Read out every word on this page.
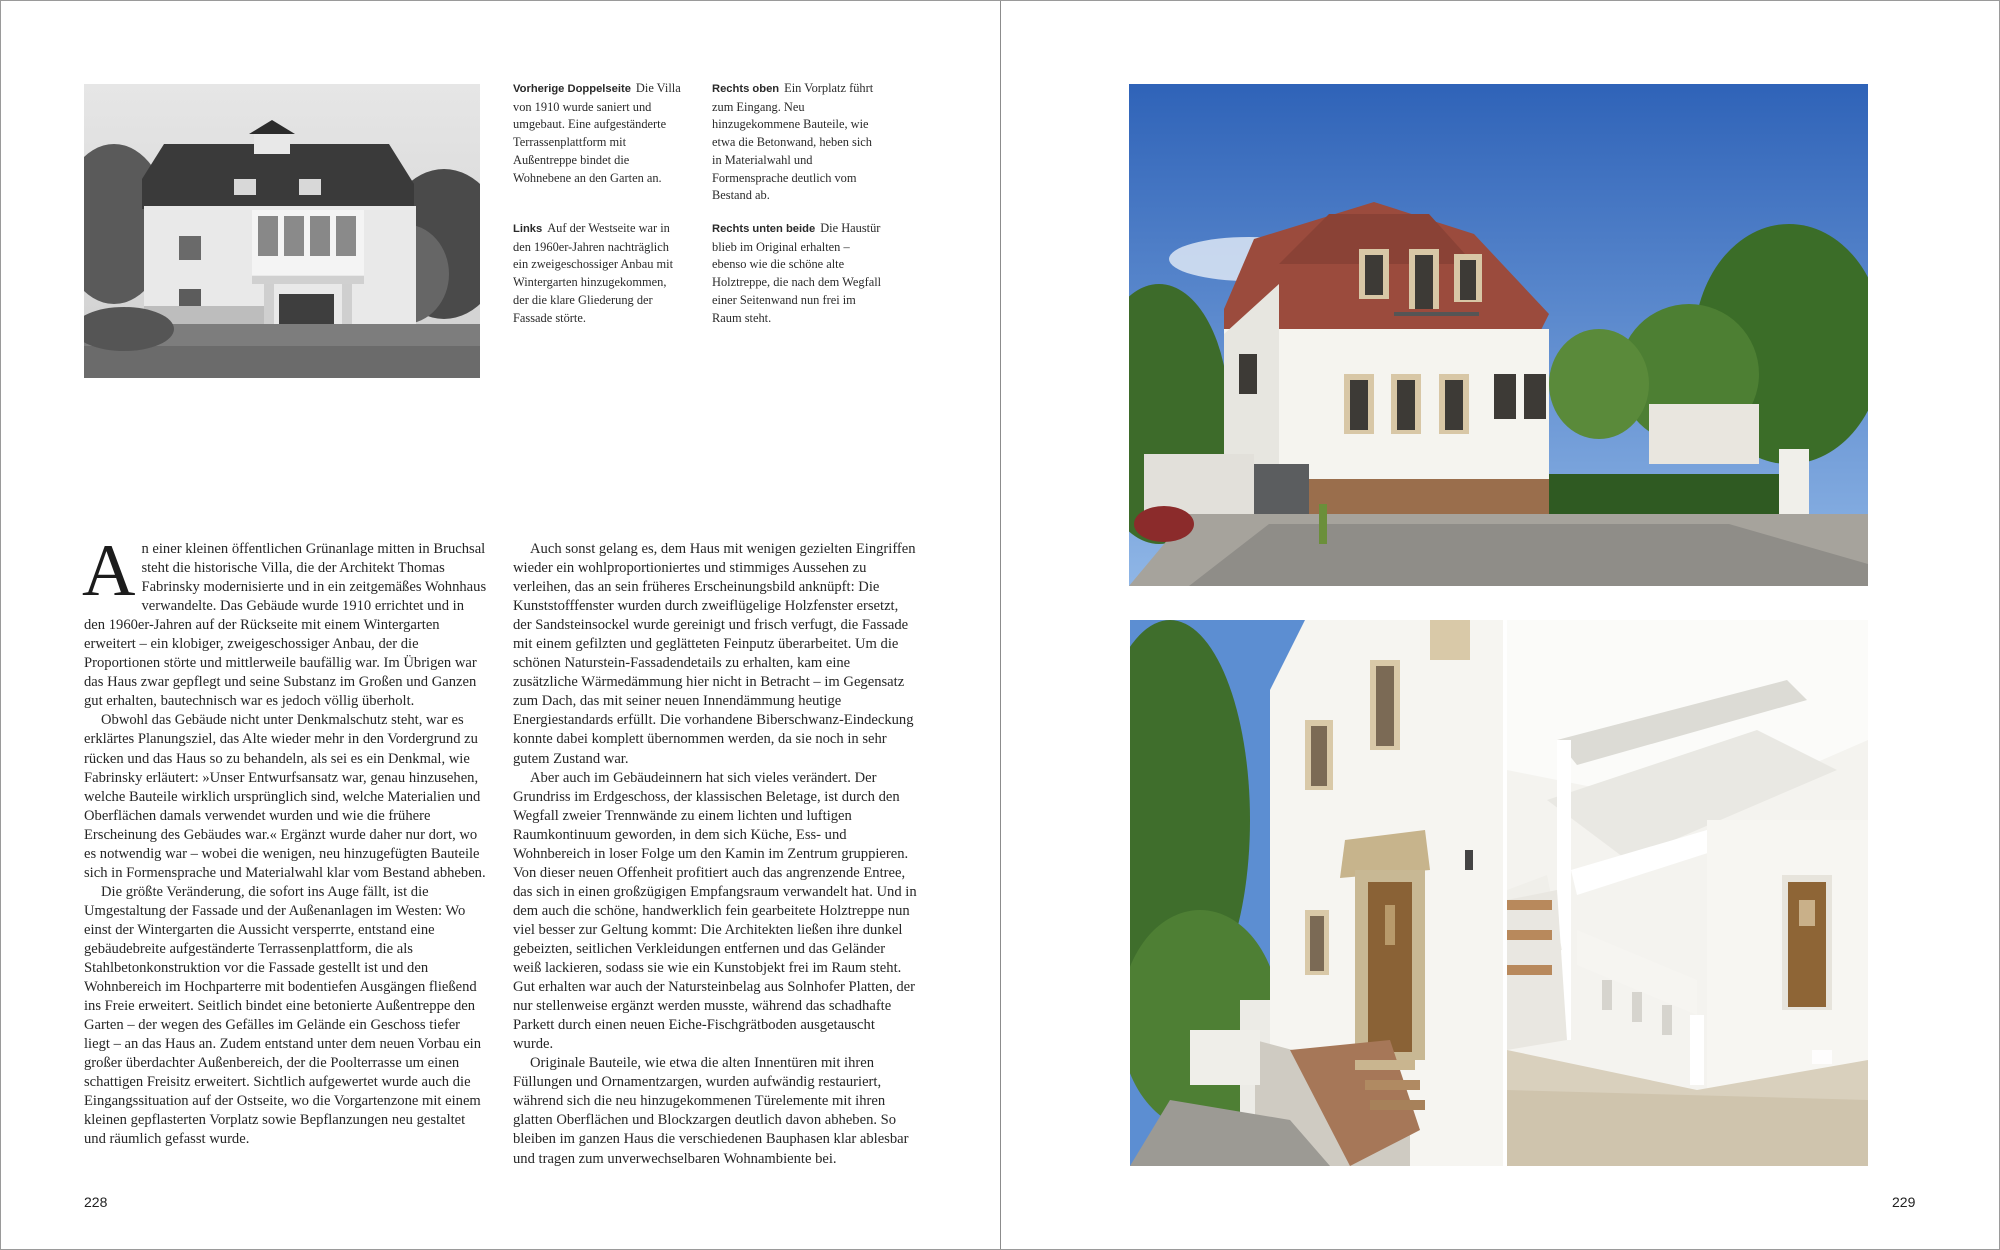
Vorherige Doppelseite Die Villa von 1910 wurde saniert und umgebaut. Eine aufgeständerte Terrassenplattform mit Außentreppe bindet die Wohnebene an den Garten an.
Rechts oben Ein Vorplatz führt zum Eingang. Neu hinzugekommene Bauteile, wie etwa die Betonwand, heben sich in Materialwahl und Formensprache deutlich vom Bestand ab.
Links Auf der Westseite war in den 1960er-Jahren nachträglich ein zweigeschossiger Anbau mit Wintergarten hinzugekommen, der die klare Gliederung der Fassade störte.
Rechts unten beide Die Haustür blieb im Original erhalten – ebenso wie die schöne alte Holztreppe, die nach dem Wegfall einer Seitenwand nun frei im Raum steht.

An einer kleinen öffentlichen Grünanlage mitten in Bruchsal steht die historische Villa, die der Architekt Thomas Fabrinsky modernisierte und in ein zeitgemäßes Wohnhaus verwandelte. Das Gebäude wurde 1910 errichtet und in den 1960er-Jahren auf der Rückseite mit einem Wintergarten erweitert – ein klobiger, zweigeschossiger Anbau, der die Proportionen störte und mittlerweile baufällig war. Im Übrigen war das Haus zwar gepflegt und seine Substanz im Großen und Ganzen gut erhalten, bautechnisch war es jedoch völlig überholt.

Obwohl das Gebäude nicht unter Denkmalschutz steht, war es erklärtes Planungsziel, das Alte wieder mehr in den Vordergrund zu rücken und das Haus so zu behandeln, als sei es ein Denkmal, wie Fabrinsky erläutert: »Unser Entwurfsansatz war, genau hinzusehen, welche Bauteile wirklich ursprünglich sind, welche Materialien und Oberflächen damals verwendet wurden und wie die frühere Erscheinung des Gebäudes war.« Ergänzt wurde daher nur dort, wo es notwendig war – wobei die wenigen, neu hinzugefügten Bauteile sich in Formensprache und Materialwahl klar vom Bestand abheben.

Die größte Veränderung, die sofort ins Auge fällt, ist die Umgestaltung der Fassade und der Außenanlagen im Westen: Wo einst der Wintergarten die Aussicht versperrte, entstand eine gebäudebreite aufgeständerte Terrassenplattform, die als Stahlbetonkonstruktion vor die Fassade gestellt ist und den Wohnbereich im Hochparterre mit bodentiefen Ausgängen fließend ins Freie erweitert. Seitlich bindet eine betonierte Außentreppe den Garten – der wegen des Gefälles im Gelände ein Geschoss tiefer liegt – an das Haus an. Zudem entstand unter dem neuen Vorbau ein großer überdachter Außenbereich, der die Poolterrasse um einen schattigen Freisitz erweitert. Sichtlich aufgewertet wurde auch die Eingangssituation auf der Ostseite, wo die Vorgartenzone mit einem kleinen gepflasterten Vorplatz sowie Bepflanzungen neu gestaltet und räumlich gefasst wurde.

Auch sonst gelang es, dem Haus mit wenigen gezielten Eingriffen wieder ein wohlproportioniertes und stimmiges Aussehen zu verleihen, das an sein früheres Erscheinungsbild anknüpft: Die Kunststofffenster wurden durch zweiflügelige Holzfenster ersetzt, der Sandsteinsockel wurde gereinigt und frisch verfugt, die Fassade mit einem gefilzten und geglätteten Feinputz überarbeitet. Um die schönen Naturstein-Fassadendetails zu erhalten, kam eine zusätzliche Wärmedämmung hier nicht in Betracht – im Gegensatz zum Dach, das mit seiner neuen Innendämmung heutige Energiestandards erfüllt. Die vorhandene Biberschwanz-Eindeckung konnte dabei komplett übernommen werden, da sie noch in sehr gutem Zustand war.

Aber auch im Gebäudeinnern hat sich vieles verändert. Der Grundriss im Erdgeschoss, der klassischen Beletage, ist durch den Wegfall zweier Trennwände zu einem lichten und luftigen Raumkontinuum geworden, in dem sich Küche, Ess- und Wohnbereich in loser Folge um den Kamin im Zentrum gruppieren. Von dieser neuen Offenheit profitiert auch das angrenzende Entree, das sich in einen großzügigen Empfangsraum verwandelt hat. Und in dem auch die schöne, handwerklich fein gearbeitete Holztreppe nun viel besser zur Geltung kommt: Die Architekten ließen ihre dunkel gebeizten, seitlichen Verkleidungen entfernen und das Geländer weiß lackieren, sodass sie wie ein Kunstobjekt frei im Raum steht. Gut erhalten war auch der Natursteinbelag aus Solnhofer Platten, der nur stellenweise ergänzt werden musste, während das schadhafte Parkett durch einen neuen Eiche-Fischgrätboden ausgetauscht wurde.

Originale Bauteile, wie etwa die alten Innentüren mit ihren Füllungen und Ornamentzargen, wurden aufwändig restauriert, während sich die neu hinzugekommenen Türelemente mit ihren glatten Oberflächen und Blockzargen deutlich davon abheben. So bleiben im ganzen Haus die verschiedenen Bauphasen klar ablesbar und tragen zum unverwechselbaren Wohnambiente bei.

228	229
